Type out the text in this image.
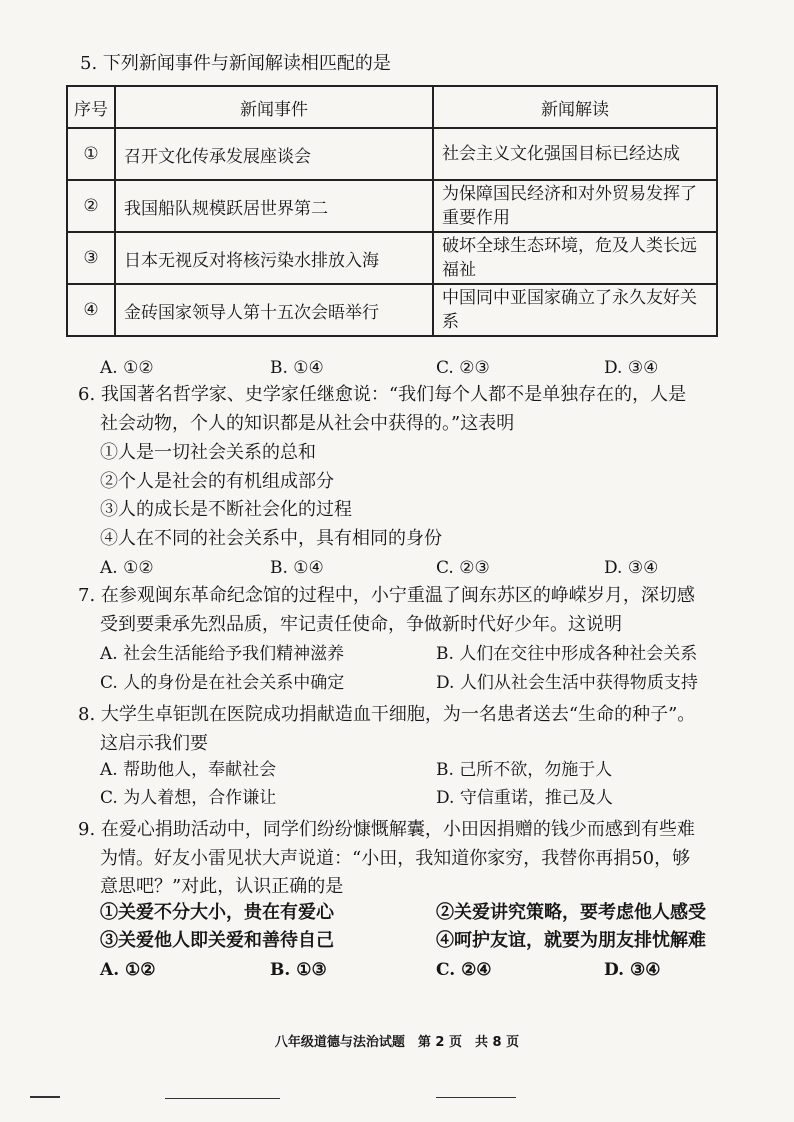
5. 下列新闻事件与新闻解读相匹配的是
序号	新闻事件	新闻解读
①	召开文化传承发展座谈会	社会主义文化强国目标已经达成
②	我国船队规模跃居世界第二	为保障国民经济和对外贸易发挥了重要作用
③	日本无视反对将核污染水排放入海	破坏全球生态环境，危及人类长远福祉
④	金砖国家领导人第十五次会晤举行	中国同中亚国家确立了永久友好关系
A. ①②	B. ①④	C. ②③	D. ③④
6. 我国著名哲学家、史学家任继愈说：“我们每个人都不是单独存在的，人是
社会动物，个人的知识都是从社会中获得的。”这表明
①人是一切社会关系的总和
②个人是社会的有机组成部分
③人的成长是不断社会化的过程
④人在不同的社会关系中，具有相同的身份
A. ①②	B. ①④	C. ②③	D. ③④
7. 在参观闽东革命纪念馆的过程中，小宁重温了闽东苏区的峥嵘岁月，深切感
受到要秉承先烈品质，牢记责任使命，争做新时代好少年。这说明
A. 社会生活能给予我们精神滋养	B. 人们在交往中形成各种社会关系
C. 人的身份是在社会关系中确定	D. 人们从社会生活中获得物质支持
8. 大学生卓钜凯在医院成功捐献造血干细胞，为一名患者送去“生命的种子”。
这启示我们要
A. 帮助他人，奉献社会	B. 己所不欲，勿施于人
C. 为人着想，合作谦让	D. 守信重诺，推己及人
9. 在爱心捐助活动中，同学们纷纷慷慨解囊，小田因捐赠的钱少而感到有些难
为情。好友小雷见状大声说道：“小田，我知道你家穷，我替你再捐50，够
意思吧？”对此，认识正确的是
①关爱不分大小，贵在有爱心	②关爱讲究策略，要考虑他人感受
③关爱他人即关爱和善待自己	④呵护友谊，就要为朋友排忧解难
A. ①②	B. ①③	C. ②④	D. ③④
八年级道德与法治试题　第 2 页　共 8 页
